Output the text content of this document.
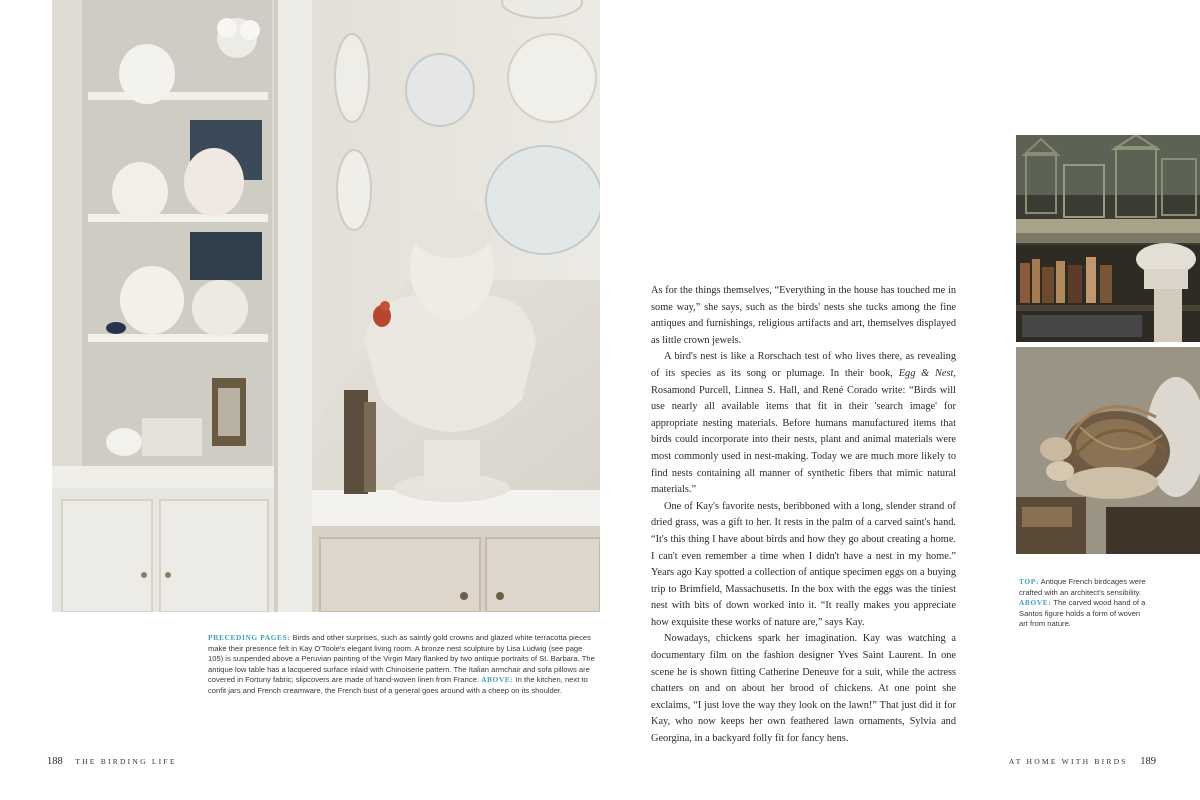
PRECEDING PAGES: Birds and other surprises, such as saintly gold crowns and glazed white terracotta pieces make their presence felt in Kay O'Toole's elegant living room. A bronze nest sculpture by Lisa Ludwig (see page 105) is suspended above a Peruvian painting of the Virgin Mary flanked by two antique portraits of St. Barbara. The antique low table has a lacquered surface inlaid with Chinoiserie pattern. The Italian armchair and sofa pillows are covered in Fortuny fabric; slipcovers are made of hand-woven linen from France. ABOVE: In the kitchen, next to confit jars and French creamware, the French bust of a general goes around with a cheep on its shoulder.

As for the things themselves, “Everything in the house has touched me in some way,” she says, such as the birds' nests she tucks among the fine antiques and furnishings, religious artifacts and art, themselves displayed as little crown jewels.

A bird's nest is like a Rorschach test of who lives there, as revealing of its species as its song or plumage. In their book, Egg & Nest, Rosamond Purcell, Linnea S. Hall, and René Corado write: “Birds will use nearly all available items that fit in their 'search image' for appropriate nesting materials. Before humans manufactured items that birds could incorporate into their nests, plant and animal materials were most commonly used in nest-making. Today we are much more likely to find nests containing all manner of synthetic fibers that mimic natural materials.”

One of Kay's favorite nests, beribboned with a long, slender strand of dried grass, was a gift to her. It rests in the palm of a carved saint's hand. “It's this thing I have about birds and how they go about creating a home. I can't even remember a time when I didn't have a nest in my home.” Years ago Kay spotted a collection of antique specimen eggs on a buying trip to Brimfield, Massachusetts. In the box with the eggs was the tiniest nest with bits of down worked into it. “It really makes you appreciate how exquisite these works of nature are,” says Kay.

Nowadays, chickens spark her imagination. Kay was watching a documentary film on the fashion designer Yves Saint Laurent. In one scene he is shown fitting Catherine Deneuve for a suit, while the actress chatters on and on about her brood of chickens. At one point she exclaims, “I just love the way they look on the lawn!” That just did it for Kay, who now keeps her own feathered lawn ornaments, Sylvia and Georgina, in a backyard folly fit for fancy hens.

TOP: Antique French birdcages were crafted with an architect's sensibility.
ABOVE: The carved wood hand of a Santos figure holds a form of woven art from nature.
188 THE BIRDING LIFE	AT HOME WITH BIRDS 189
